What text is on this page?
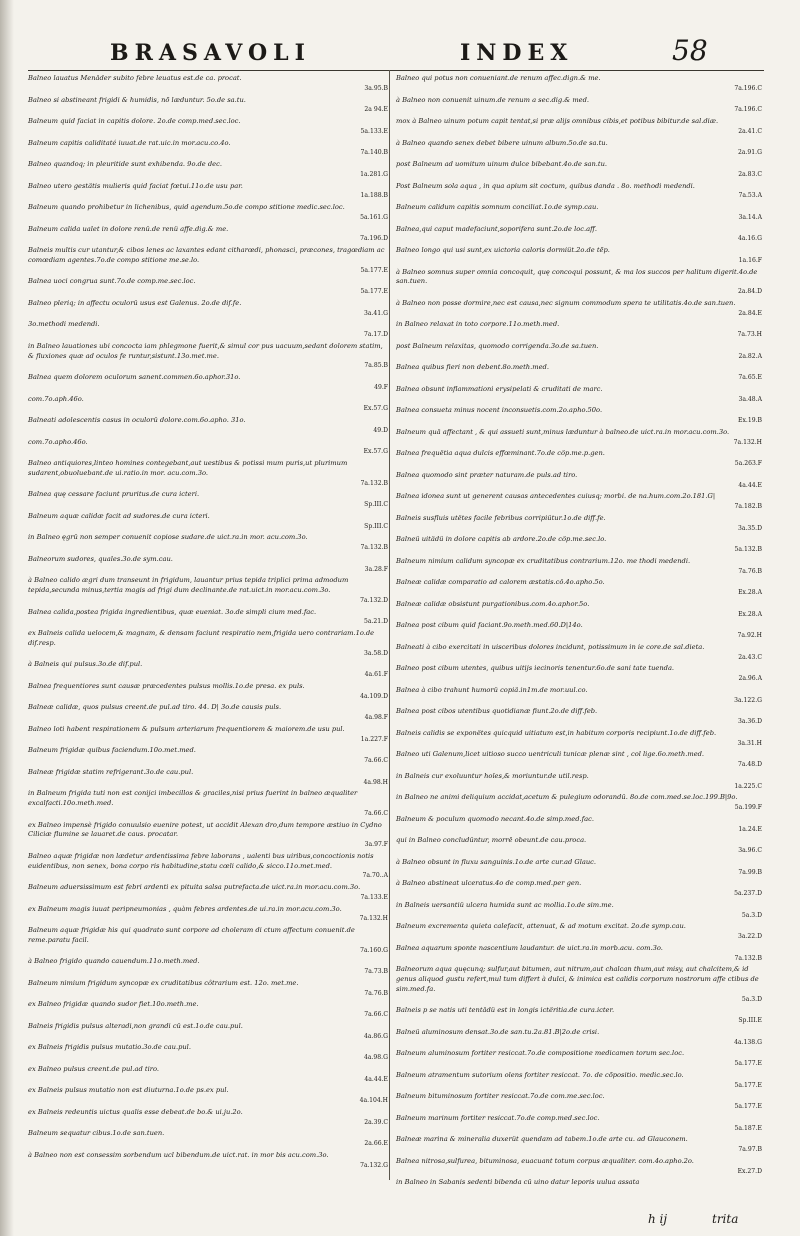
BRASAVOLI	INDEX	58
Balneo lauatus Menäder subito febre leuatus est.de ca. procat.
3a.95.B
Balneo si abstineant frigidi & humidis, nõ læduntur. 5o.de sa.tu.
2a 94.E
Balneum quid faciat in capitis dolore. 2o.de comp.med.sec.loc.
5a.133.E
Balneum capitis caliditaté iuuat.de rat.uic.in mor.acu.co.4o.
7a.140.B
Balneo quandoq; in pleuritide sunt exhibenda. 9o.de dec.
1a.281.G
Balneo utero gestätis mulieris quid faciat fœtui.11o.de usu par.
1a.188.B
Balneum quando prohibetur in lichenibus, quid agendum.5o.de compo stitione medic.sec.loc.
5a.161.G
Balneum calida ualet in dolore renü.de renü affe.dig.& me.
7a.196.D
Balneis multis cur utantur,& cibos lenes ac laxantes edant citharœdi, phonasci, præcones, tragœdiam ac comœdiam agentes.7o.de compo stitione me.se.lo.
5a.177.E
Balnea uoci congrua sunt.7o.de comp.me.sec.loc.
5a.177.E
Balneo pleriq; in affectu oculorü usus est Galenus. 2o.de dif.fe.
3a.41.G
3o.methodi medendi.
7a.17.D
in Balneo lauationes ubi concocta iam phlegmone fuerit,& simul cor pus uacuum,sedant dolorem statim, & fluxiones quæ ad oculos fe runtur,sistunt.13o.met.me.
7a.85.B
Balnea quem dolorem oculorum sanent.commen.6o.aphor.31o.
49.F
com.7o.aph.46o.
Ex.57.G
Balneati adolescentis casus in oculorü dolore.com.6o.apho. 31o.
49.D
com.7o.apho.46o.
Ex.57.G
Balneo antiquiores,linteo homines contegebant,aut uestibus & potissi mum puris,ut plurimum sudarent,obuoluebant.de ui.ratio.in mor. acu.com.3o.
7a.132.B
Balnea quę cessare faciunt pruritus.de cura icteri.
Sp.III.C
Balneum aquæ calidæ facit ad sudores.de cura icteri.
Sp.III.C
in Balneo ęgrü non semper conuenit copiose sudare.de uict.ra.in mor. acu.com.3o.
7a.132.B
Balneorum sudores, quales.3o.de sym.cau.
3a.28.F
à Balneo calido ægri dum transeunt in frigidum, lauantur prius tepida triplici prima admodum tepida,secunda minus,tertia magis ad frigi dum declinante.de rat.uict.in mor.acu.com.3o.
7a.132.D
Balnea calida,postea frigida ingredientibus, quæ eueniat. 3o.de simpli cium med.fac.
5a.21.D
ex Balneis calida uelocem,& magnam, & densam faciunt respiratio nem,frigida uero contrariam.1o.de dif.resp.
3a.58.D
à Balneis qui pulsus.3o.de dif.pul.
4a.61.F
Balnea frequentiores sunt causæ præcedentes pulsus mollis.1o.de presa. ex puls.
4a.109.D
Balneæ calidæ, quos pulsus creent.de pul.ad tiro. 44. D| 3o.de causis puls.
4a.98.F
Balneo loti habent respirationem & pulsum arteriarum frequentiorem & maiorem.de usu pul.
1a.227.F
Balneum frigidæ quibus faciendum.10o.met.med.
7a.66.C
Balneæ frigidæ statim refrigerant.3o.de cau.pul.
4a.98.H
in Balneum frigida tuti non est conijci imbecillos & graciles,nisi prius fuerint in balneo æqualiter excalfacti.10o.meth.med.
7a.66.C
ex Balneo impensè frigido conuulsio euenire potest, ut accidit Alexan dro,dum tempore æstiuo in Cydno Ciliciæ flumine se lauaret.de caus. procatar.
3a.97.F
Balneo aquæ frigidæ non lædetur ardentissima febre laborans , ualenti bus uiribus,concoctionis notis euidentibus, non senex, bona corpo ris habitudine,statu cœli calido,& sicco.11o.met.med.
7a.70..A
Balneum aduersissimum est febri ardenti ex pituita salsa putrefacta.de uict.ra.in mor.acu.com.3o.
7a.133.E
ex Balneum magis iuuat peripneumonias , quàm febres ardentes.de ui.ra.in mor.acu.com.3o.
7a.132.H
Balneum aquæ frigidæ his qui quadrato sunt corpore ad choleram di ctum affectum conuenit.de reme.paratu facil.
7a.160.G
à Balneo frigido quando cauendum.11o.meth.med.
7a.73.B
Balneum nimium frigidum syncopæ ex cruditatibus côtrarium est. 12o. met.me.
7a.76.B
ex Balneo frigidæ quando sudor fiet.10o.meth.me.
7a.66.C
Balneis frigidis pulsus alteradi,non grandi cü est.1o.de cau.pul.
4a.86.G
ex Balneis frigidis pulsus mutatio.3o.de cau.pul.
4a.98.G
ex Balneo pulsus creent.de pul.ad tiro.
4a.44.E
ex Balneis pulsus mutatio non est diuturna.1o.de ps.ex pul.
4a.104.H
ex Balneis redeuntis uictus qualis esse debeat.de bo.& ui.ju.2o.
2a.39.C
Balneum sequatur cibus.1o.de san.tuen.
2a.66.E
à Balneo non est consessim sorbendum ucl bibendum.de uict.rat. in mor bis acu.com.3o.
7a.132.G
Balneo qui potus non conueniant.de renum affec.dign.& me.
7a.196.C
à Balneo non conuenit uinum.de renum a sec.dig.& med.
7a.196.C
mox à Balneo uinum potum capit tentat,si præ alijs omnibus cibis,et potibus bibitur.de sal.diæ.
2a.41.C
à Balneo quando senex debet bibere uinum album.5o.de sa.tu.
2a.91.G
post Balneum ad uomitum uinum dulce bibebant.4o.de san.tu.
2a.83.C
Post Balneum sola aqua , in qua apium sit coctum, quibus danda . 8o. methodi medendi.
7a.53.A
Balneum calidum capitis somnum conciliat.1o.de symp.cau.
3a.14.A
Balnea,qui caput madefaciunt,soporifera sunt.2o.de loc.aff.
4a.16.G
Balneo longo qui usi sunt,ex uictoria caloris dormiüt.2o.de tẽp.
1a.16.F
à Balneo somnus super omnia concoquit, quę concoqui possunt, & ma los succos per halitum digerit.4o.de san.tuen.
2a.84.D
à Balneo non posse dormire,nec est causa,nec signum commodum spera te utilitatis.4o.de san.tuen.
2a.84.E
in Balneo relaxat in toto corpore.11o.meth.med.
7a.73.H
post Balneum relaxitas, quomodo corrigenda.3o.de sa.tuen.
2a.82.A
Balnea quibus fieri non debent.8o.meth.med.
7a.65.E
Balnea obsunt inflammationi erysipelati & cruditati de marc.
3a.48.A
Balnea consueta minus nocent inconsuetis.com.2o.apho.50o.
Ex.19.B
Balneum quä affectant , & qui assueti sunt,minus læduntur à balneo.de uict.ra.in mor.acu.com.3o.
7a.132.H
Balnea frequëtia aqua dulcis effœminant.7o.de cöp.me.p.gen.
5a.263.F
Balnea quomodo sint præter naturam.de puls.ad tiro.
4a.44.E
Balnea idonea sunt ut generent causas antecedentes cuiusq; morbi. de na.hum.com.2o.181.G|
7a.182.B
Balneis susfluis utëtes facile febribus corripiütur.1o.de diff.fe.
3a.35.D
Balneü uitädü in dolore capitis ab ardore.2o.de cöp.me.sec.lo.
5a.132.B
Balneum nimium calidum syncopæ ex cruditatibus contrarium.12o. me thodi medendi.
7a.76.B
Balneæ calidæ comparatio ad calorem æstatis.cö.4o.apho.5o.
Ex.28.A
Balneæ calidæ obsistunt purgationibus.com.4o.aphor.5o.
Ex.28.A
Balnea post cibum quid faciant.9o.meth.med.60.D|14o.
7a.92.H
Balneati à cibo exercitati in uisceribus dolores incidunt, potissimum in ie core.de sal.dieta.
2a.43.C
Balneo post cibum utentes, quibus uitijs iecinoris tenentur.6o.de sani tate tuenda.
2a.96.A
Balnea à cibo trahunt humorü copiä.in1m.de mor.uul.co.
3a.122.G
Balnea post cibos utentibus quotidianæ fiunt.2o.de diff.feb.
3a.36.D
Balneis calidis se exponëtes quicquid uitiatum est,in habitum corporis recipiunt.1o.de diff.feb.
3a.31.H
Balneo uti Galenum,licet uitioso succo uentriculi tunicæ plenæ sint , col lige.6o.meth.med.
7a.48.D
in Balneis cur exoluuntur hoïes,& moriuntur.de util.resp.
1a.225.C
in Balneo ne animi deliquium accidat,acetum & pulegium odorandü. 8o.de com.med.se.loc.199.B|9o.
5a.199.F
Balneum & poculum quomodo necant.4o.de simp.med.fac.
1a.24.E
qui in Balneo concludüntur, morrē obeunt.de cau.proca.
3a.96.C
à Balneo obsunt in fluxu sanguinis.1o.de arte cur.ad Glauc.
7a.99.B
à Balneo abstineat ulceratus.4o de comp.med.per gen.
5a.237.D
in Balneis uersantiü ulcera humida sunt ac mollia.1o.de sim.me.
5a.3.D
Balneum excrementa quieta calefacit, attenuat, & ad motum excitat. 2o.de symp.cau.
3a.22.D
Balnea aquarum sponte nascentium laudantur. de uict.ra.in morb.acu. com.3o.
7a.132.B
Balneorum aqua quęcunq; sulfur,aut bitumen, aut nitrum,aut chalcan thum,aut misy, aut chalcitem,& id genus aliquod gustu refert,mul tum differt à dulci, & inimica est calidis corporum nostrorum affe ctibus de sim.med.fa.
5a.3.D
Balneis p se natis uti tentädü est in longis ictëritia.de cura.icter.
Sp.III.E
Balneü aluminosum densat.3o.de san.tu.2a.81.B|2o.de crisi.
4a.138.G
Balneum aluminosum fortiter resiccat.7o.de compositione medicamen torum sec.loc.
5a.177.E
Balneum atramentum sutorium olens fortiter resiccat. 7o. de cõpositio. medic.sec.lo.
5a.177.E
Balneum bituminosum fortiter resiccat.7o.de com.me.sec.loc.
5a.177.E
Balneum marinum fortiter resiccat.7o.de comp.med.sec.loc.
5a.187.E
Balneæ marina & mineralia duxerüt quendam ad tabem.1o.de arte cu. ad Glauconem.
7a.97.B
Balnea nitrosa,sulfurea, bituminosa, euacuant totum corpus æqualiter. com.4o.apho.2o.
Ex.27.D
in Balneo in Sabanis sedenti bibenda cü uino datur leporis uulua assata
h ij	trita
